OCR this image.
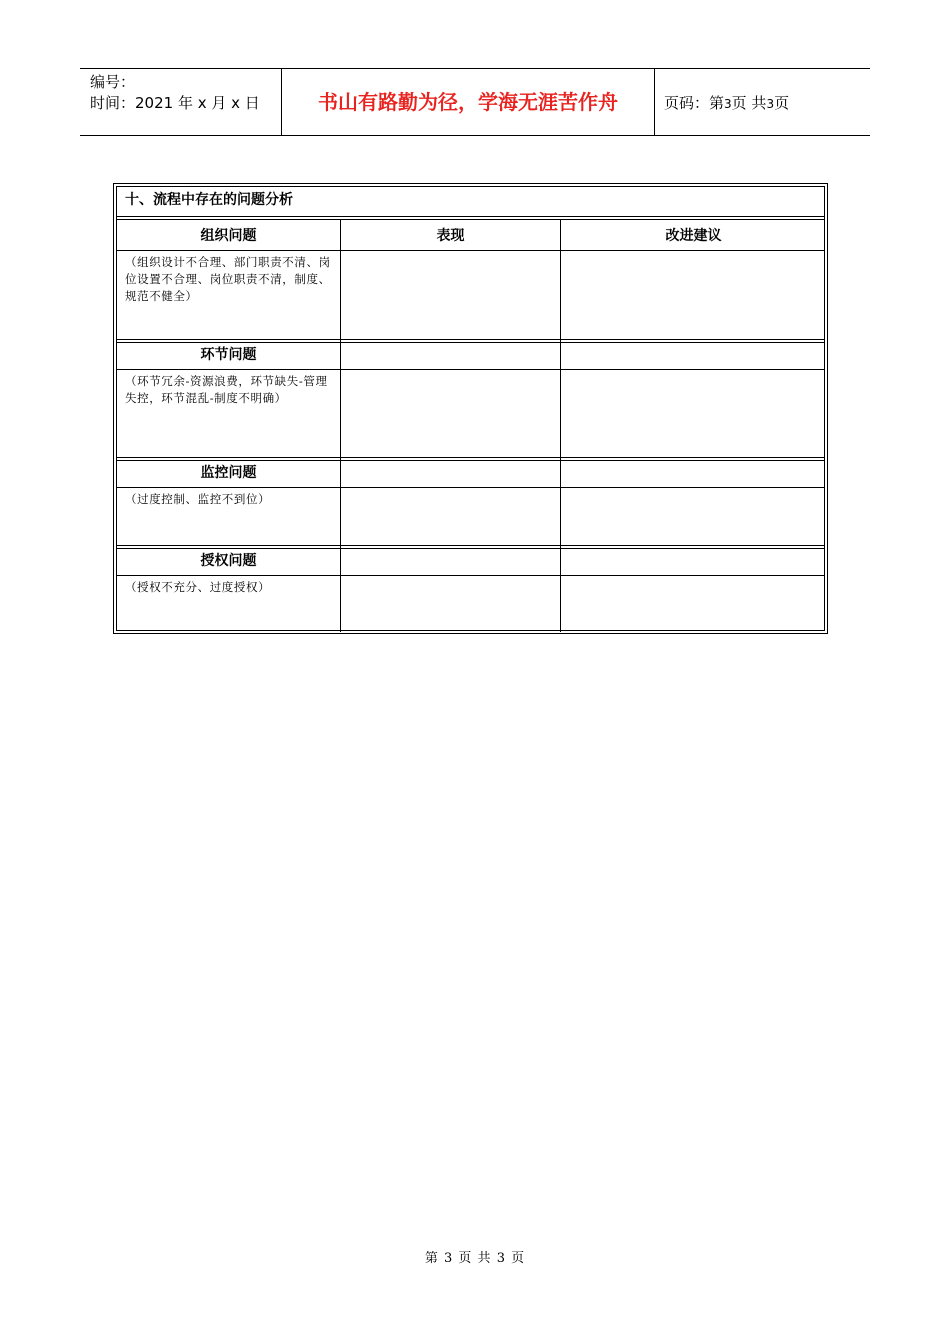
编号：
时间：2021 年 x 月 x 日	书山有路勤为径，学海无涯苦作舟	页码：第3页 共3页
十、流程中存在的问题分析
组织问题	表现	改进建议
（组织设计不合理、部门职责不清、岗位设置不合理、岗位职责不清，制度、规范不健全）
环节问题
（环节冗余-资源浪费，环节缺失-管理失控，环节混乱-制度不明确）
监控问题
（过度控制、监控不到位）
授权问题
（授权不充分、过度授权）
第 3 页 共 3 页
